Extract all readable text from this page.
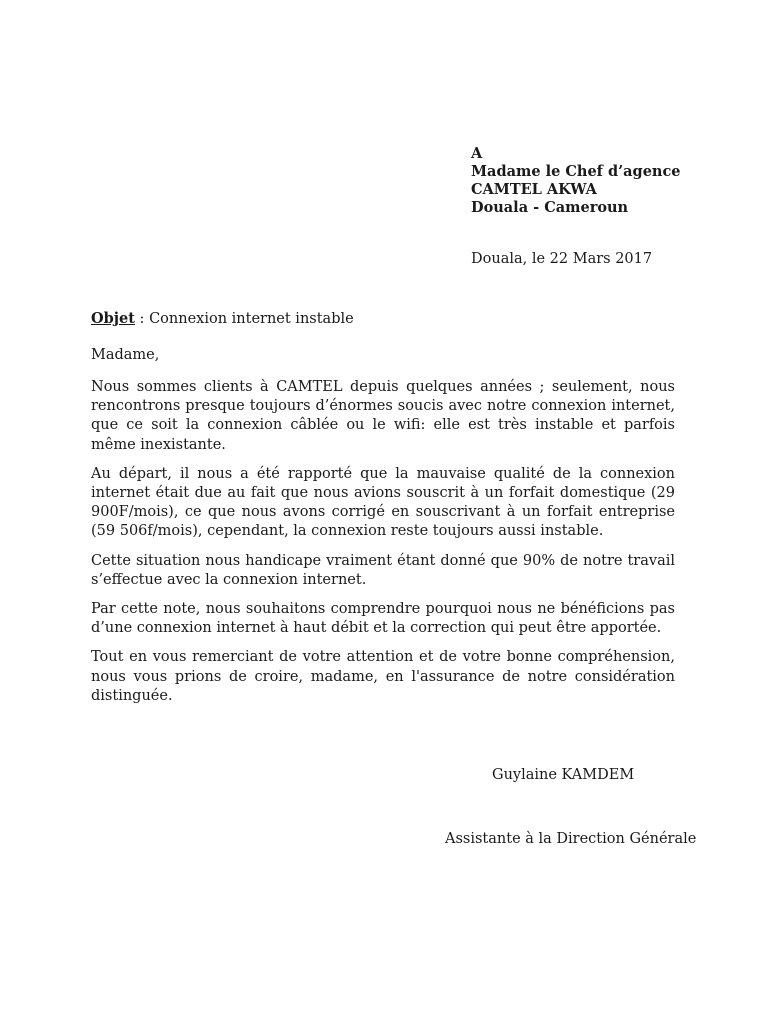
A
Madame le Chef d’agence
CAMTEL AKWA
Douala - Cameroun
Douala, le 22 Mars 2017
Objet : Connexion internet instable
Madame,

Nous sommes clients à CAMTEL depuis quelques années ; seulement, nous rencontrons presque toujours d’énormes soucis avec notre connexion internet, que ce soit la connexion câblée ou le wifi: elle est très instable et parfois même inexistante.

Au départ, il nous a été rapporté que la mauvaise qualité de la connexion internet était due au fait que nous avions souscrit à un forfait domestique (29 900F/mois), ce que nous avons corrigé en souscrivant à un forfait entreprise (59 506f/mois), cependant, la connexion reste toujours aussi instable.

Cette situation nous handicape vraiment étant donné que 90% de notre travail s’effectue avec la connexion internet.

Par cette note, nous souhaitons comprendre pourquoi nous ne bénéficions pas d’une connexion internet à haut débit et la correction qui peut être apportée.

Tout en vous remerciant de votre attention et de votre bonne compréhension, nous vous prions de croire, madame, en l'assurance de notre considération distinguée.

Guylaine KAMDEM
Assistante à la Direction Générale
